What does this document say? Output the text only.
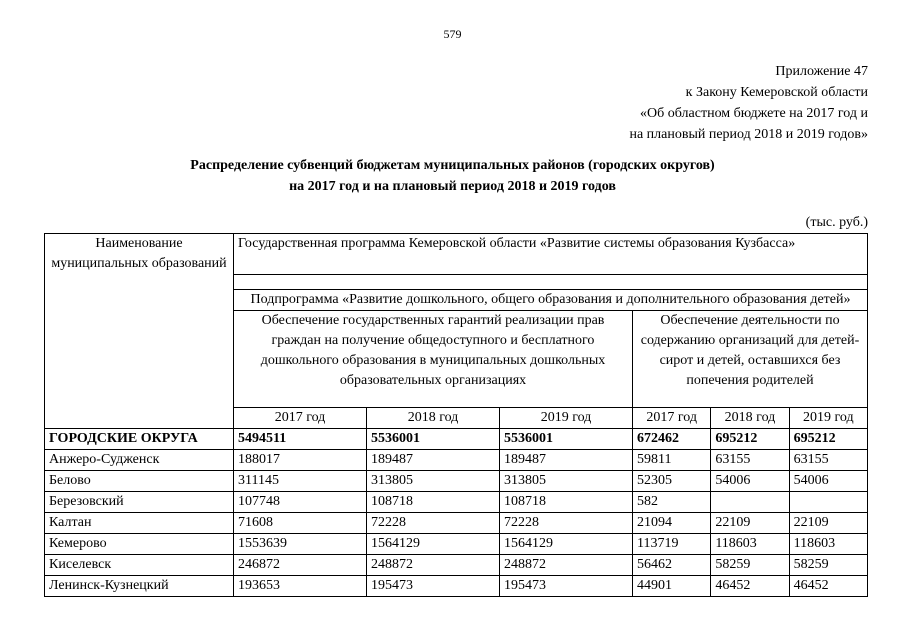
579
Приложение 47
к Закону Кемеровской области
«Об областном бюджете на 2017 год и
на плановый период 2018 и 2019 годов»
Распределение субвенций бюджетам муниципальных районов (городских округов)
на 2017 год и на плановый период 2018 и 2019 годов
(тыс. руб.)
Наименование муниципальных образований	Государственная программа Кемеровской области «Развитие системы образования Кузбасса»					

	Подпрограмма «Развитие дошкольного, общего образования и дополнительного образования детей»					
	Обеспечение государственных гарантий реализации прав граждан на получение общедоступного и бесплатного дошкольного образования в муниципальных дошкольных образовательных организациях			Обеспечение деятельности по содержанию организаций для детей-сирот и детей, оставшихся без попечения родителей		
	2017 год	2018 год	2019 год	2017 год	2018 год	2019 год
ГОРОДСКИЕ ОКРУГА	5494511	5536001	5536001	672462	695212	695212
Анжеро-Судженск	188017	189487	189487	59811	63155	63155
Белово	311145	313805	313805	52305	54006	54006
Березовский	107748	108718	108718	582		
Калтан	71608	72228	72228	21094	22109	22109
Кемерово	1553639	1564129	1564129	113719	118603	118603
Киселевск	246872	248872	248872	56462	58259	58259
Ленинск-Кузнецкий	193653	195473	195473	44901	46452	46452
